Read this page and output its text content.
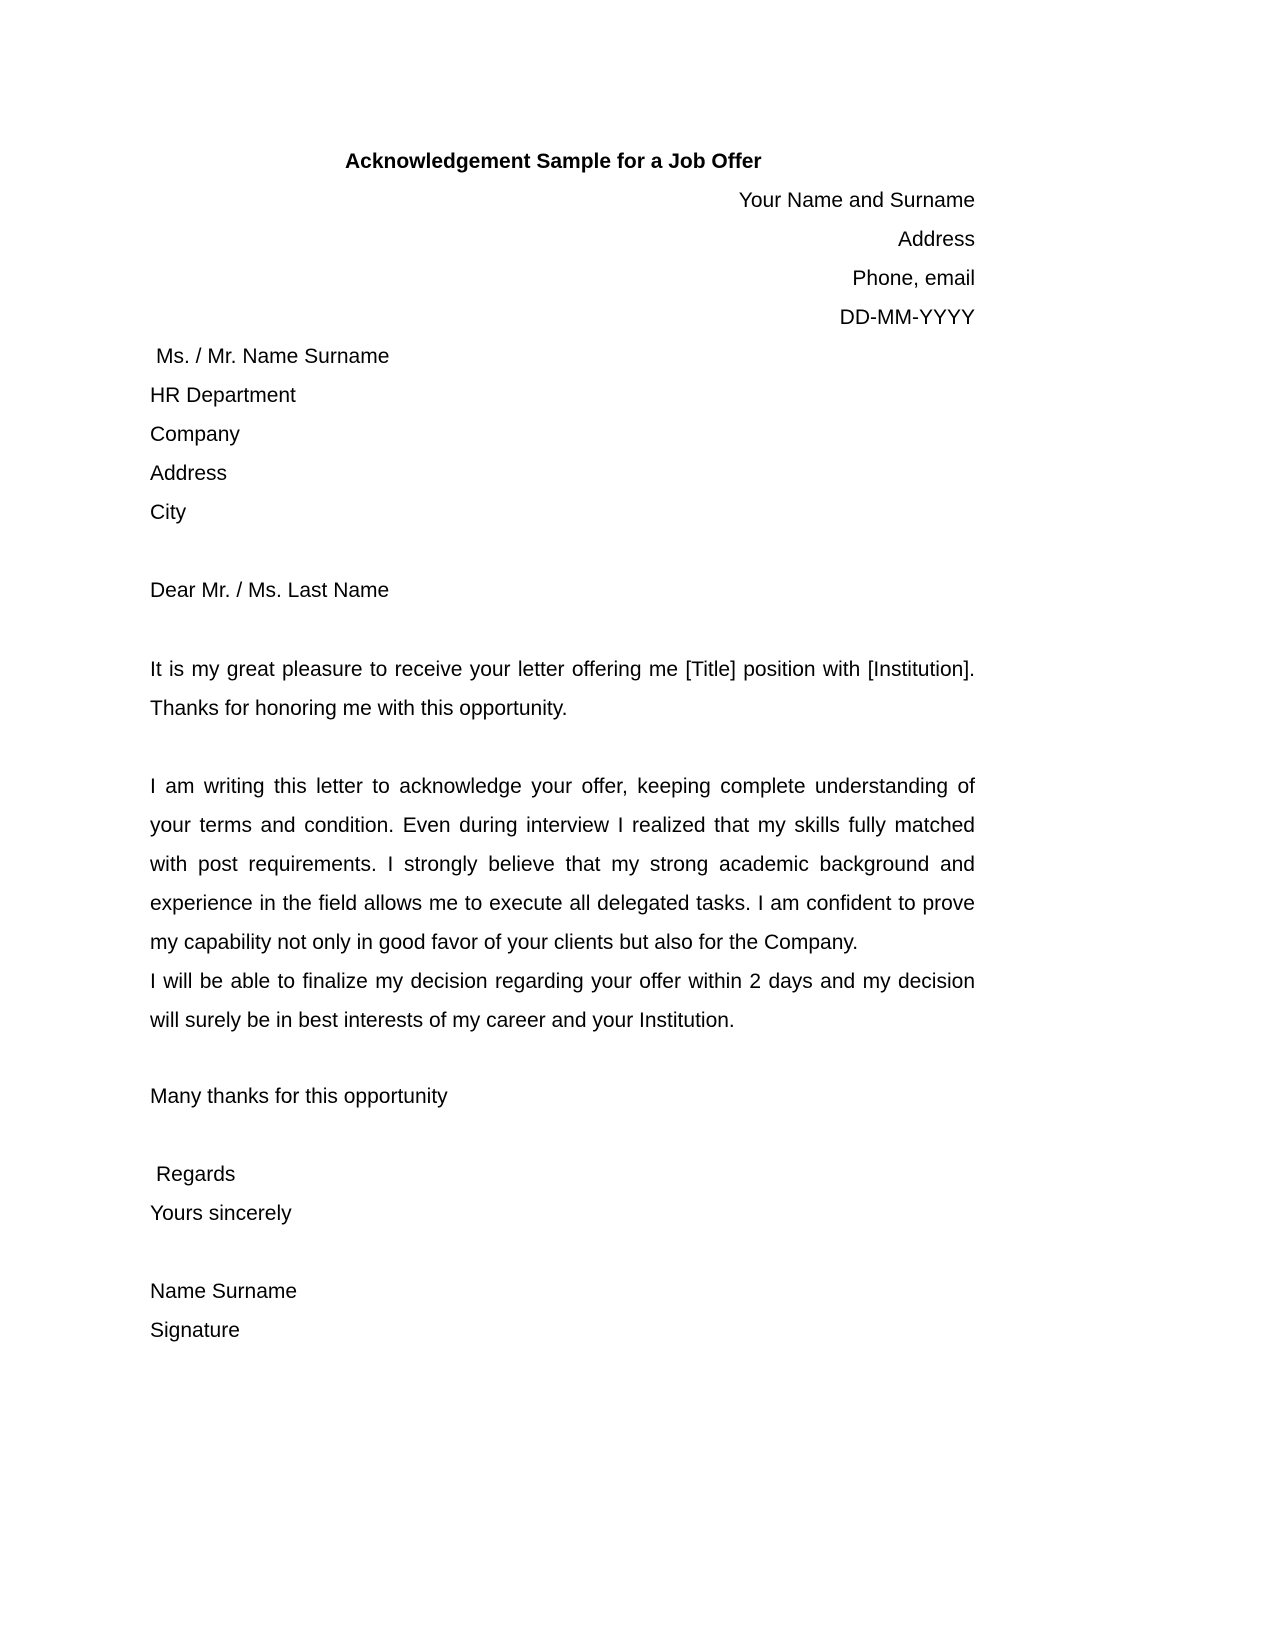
Acknowledgement Sample for a Job Offer
Your Name and Surname
Address
Phone, email
DD-MM-YYYY
Ms. / Mr. Name Surname
HR Department
Company
Address
City
Dear Mr. / Ms. Last Name

It is my great pleasure to receive your letter offering me [Title] position with [Institution]. Thanks for honoring me with this opportunity.

I am writing this letter to acknowledge your offer, keeping complete understanding of your terms and condition. Even during interview I realized that my skills fully matched with post requirements. I strongly believe that my strong academic background and experience in the field allows me to execute all delegated tasks. I am confident to prove my capability not only in good favor of your clients but also for the Company.

I will be able to finalize my decision regarding your offer within 2 days and my decision will surely be in best interests of my career and your Institution.

Many thanks for this opportunity
Regards
Yours sincerely
Name Surname
Signature
